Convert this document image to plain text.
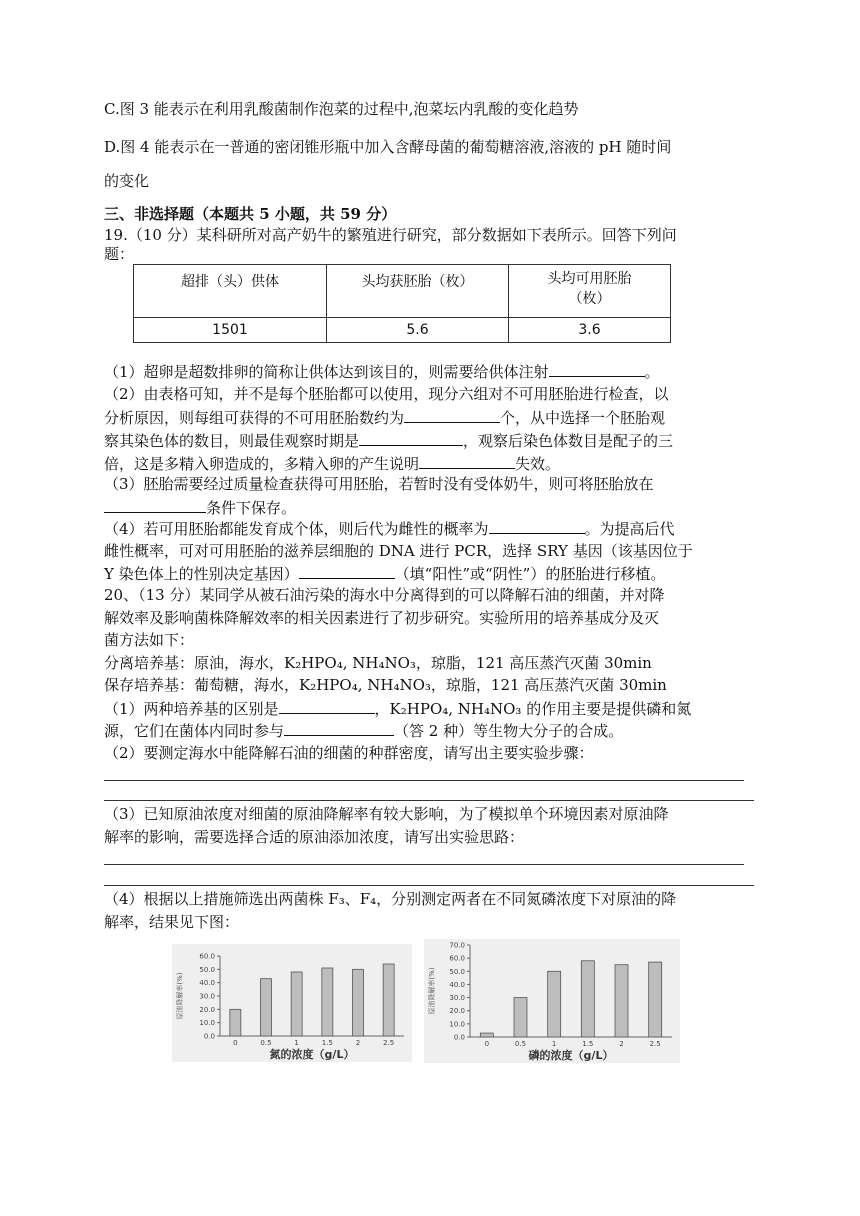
C.图 3 能表示在利用乳酸菌制作泡菜的过程中,泡菜坛内乳酸的变化趋势
D.图 4 能表示在一普通的密闭锥形瓶中加入含酵母菌的葡萄糖溶液,溶液的 pH 随时间
的变化
三、非选择题（本题共 5 小题，共 59 分）
19.（10 分）某科研所对高产奶牛的繁殖进行研究，部分数据如下表所示。回答下列问
题：
超排（头）供体	头均获胚胎（枚）	头均可用胚胎
（枚）
1501	5.6	3.6
（1）超卵是超数排卵的简称让供体达到该目的，则需要给供体注射	。
（2）由表格可知，并不是每个胚胎都可以使用，现分六组对不可用胚胎进行检查，以
分析原因，则每组可获得的不可用胚胎数约为	个，从中选择一个胚胎观
察其染色体的数目，则最佳观察时期是	，观察后染色体数目是配子的三
倍，这是多精入卵造成的，多精入卵的产生说明	失效。
（3）胚胎需要经过质量检查获得可用胚胎，若暂时没有受体奶牛，则可将胚胎放在
条件下保存。
（4）若可用胚胎都能发育成个体，则后代为雌性的概率为	。为提高后代
雌性概率，可对可用胚胎的滋养层细胞的 DNA 进行 PCR，选择 SRY 基因（该基因位于
Y 染色体上的性别决定基因）	（填“阳性”或“阴性”）的胚胎进行移植。
20、（13 分）某同学从被石油污染的海水中分离得到的可以降解石油的细菌，并对降
解效率及影响菌株降解效率的相关因素进行了初步研究。实验所用的培养基成分及灭
菌方法如下：
分离培养基：原油，海水，K₂HPO₄, NH₄NO₃，琼脂，121 高压蒸汽灭菌 30min
保存培养基：葡萄糖，海水，K₂HPO₄, NH₄NO₃，琼脂，121 高压蒸汽灭菌 30min
（1）两种培养基的区别是	，K₂HPO₄, NH₄NO₃ 的作用主要是提供磷和氮
源，它们在菌体内同时参与	（答 2 种）等生物大分子的合成。
（2）要测定海水中能降解石油的细菌的种群密度，请写出主要实验步骤：
（3）已知原油浓度对细菌的原油降解率有较大影响，为了模拟单个环境因素对原油降
解率的影响，需要选择合适的原油添加浓度，请写出实验思路：
（4）根据以上措施筛选出两菌株 F₃、F₄，分别测定两者在不同氮磷浓度下对原油的降
解率，结果见下图：
0.0
10.0
20.0
30.0
40.0
50.0
60.0
原油降解率(%)
0	0.5	1	1.5	2	2.5
氮的浓度（g/L）
0.0
10.0
20.0
30.0
40.0
50.0
60.0
70.0
原油降解率(%)
0	0.5	1	1.5	2	2.5
磷的浓度（g/L）
